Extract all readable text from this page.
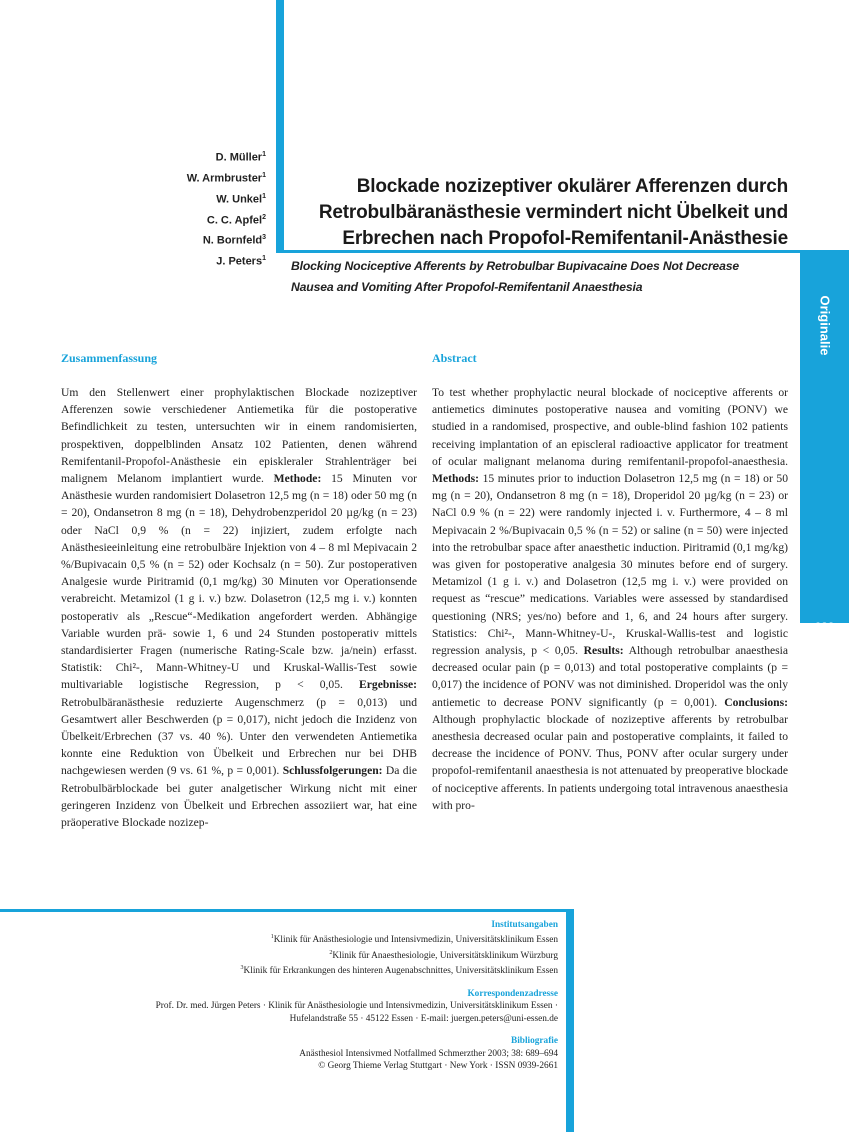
Originalie
689
D. Müller$^1$
W. Armbruster$^1$
W. Unkel$^1$
C. C. Apfel$^2$
N. Bornfeld$^3$
J. Peters$^1$
Blockade nozizeptiver okulärer Afferenzen durch
Retrobulbäranästhesie vermindert nicht Übelkeit und
Erbrechen nach Propofol-Remifentanil-Anästhesie
Blocking Nociceptive Afferents by Retrobulbar Bupivacaine Does Not Decrease
Nausea and Vomiting After Propofol-Remifentanil Anaesthesia
Zusammenfassung	Abstract
Um den Stellenwert einer prophylaktischen Blockade nozizeptiver Afferenzen sowie verschiedener Antiemetika für die postoperative Befindlichkeit zu testen, untersuchten wir in einem randomisierten, prospektiven, doppelblinden Ansatz 102 Patienten, denen während Remifentanil-Propofol-Anästhesie ein episkleraler Strahlenträger bei malignem Melanom implantiert wurde. Methode: 15 Minuten vor Anästhesie wurden randomisiert Dolasetron 12,5 mg (n = 18) oder 50 mg (n = 20), Ondansetron 8 mg (n = 18), Dehydrobenzperidol 20 µg/kg (n = 23) oder NaCl 0,9 % (n = 22) injiziert, zudem erfolgte nach Anästhesieeinleitung eine retrobulbäre Injektion von 4 – 8 ml Mepivacain 2 %/Bupivacain 0,5 % (n = 52) oder Kochsalz (n = 50). Zur postoperativen Analgesie wurde Piritramid (0,1 mg/kg) 30 Minuten vor Operationsende verabreicht. Metamizol (1 g i. v.) bzw. Dolasetron (12,5 mg i. v.) konnten postoperativ als „Rescue“-Medikation angefordert werden. Abhängige Variable wurden prä- sowie 1, 6 und 24 Stunden postoperativ mittels standardisierter Fragen (numerische Rating-Scale bzw. ja/nein) erfasst. Statistik: Chi²-, Mann-Whitney-U und Kruskal-Wallis-Test sowie multivariable logistische Regression, p < 0,05. Ergebnisse: Retrobulbäranästhesie reduzierte Augenschmerz (p = 0,013) und Gesamtwert aller Beschwerden (p = 0,017), nicht jedoch die Inzidenz von Übelkeit/Erbrechen (37 vs. 40 %). Unter den verwendeten Antiemetika konnte eine Reduktion von Übelkeit und Erbrechen nur bei DHB nachgewiesen werden (9 vs. 61 %, p = 0,001). Schlussfolgerungen: Da die Retrobulbärblockade bei guter analgetischer Wirkung nicht mit einer geringeren Inzidenz von Übelkeit und Erbrechen assoziiert war, hat eine präoperative Blockade nozizep-
To test whether prophylactic neural blockade of nociceptive afferents or antiemetics diminutes postoperative nausea and vomiting (PONV) we studied in a randomised, prospective, and ouble-blind fashion 102 patients receiving implantation of an episcleral radioactive applicator for treatment of ocular malignant melanoma during remifentanil-propofol-anaesthesia. Methods: 15 minutes prior to induction Dolasetron 12,5 mg (n = 18) or 50 mg (n = 20), Ondansetron 8 mg (n = 18), Droperidol 20 µg/kg (n = 23) or NaCl 0.9 % (n = 22) were randomly injected i. v. Furthermore, 4 – 8 ml Mepivacain 2 %/Bupivacain 0,5 % (n = 52) or saline (n = 50) were injected into the retrobulbar space after anaesthetic induction. Piritramid (0,1 mg/kg) was given for postoperative analgesia 30 minutes before end of surgery. Metamizol (1 g i. v.) and Dolasetron (12,5 mg i. v.) were provided on request as “rescue” medications. Variables were assessed by standardised questioning (NRS; yes/no) before and 1, 6, and 24 hours after surgery. Statistics: Chi²-, Mann-Whitney-U-, Kruskal-Wallis-test and logistic regression analysis, p < 0,05. Results: Although retrobulbar anaesthesia decreased ocular pain (p = 0,013) and total postoperative complaints (p = 0,017) the incidence of PONV was not diminished. Droperidol was the only antiemetic to decrease PONV significantly (p = 0,001). Conclusions: Although prophylactic blockade of nozizeptive afferents by retrobulbar anesthesia decreased ocular pain and postoperative complaints, it failed to decrease the incidence of PONV. Thus, PONV after ocular surgery under propofol-remifentanil anaesthesia is not attenuated by preoperative blockade of nociceptive afferents. In patients undergoing total intravenous anaesthesia with pro-
Institutsangaben
$^1$Klinik für Anästhesiologie und Intensivmedizin, Universitätsklinikum Essen
$^2$Klinik für Anaesthesiologie, Universitätsklinikum Würzburg
$^3$Klinik für Erkrankungen des hinteren Augenabschnittes, Universitätsklinikum Essen
Korrespondenzadresse
Prof. Dr. med. Jürgen Peters · Klinik für Anästhesiologie und Intensivmedizin, Universitätsklinikum Essen ·
Hufelandstraße 55 · 45122 Essen · E-mail: juergen.peters@uni-essen.de
Bibliografie
Anästhesiol Intensivmed Notfallmed Schmerzther 2003; 38: 689–694
© Georg Thieme Verlag Stuttgart · New York · ISSN 0939-2661
